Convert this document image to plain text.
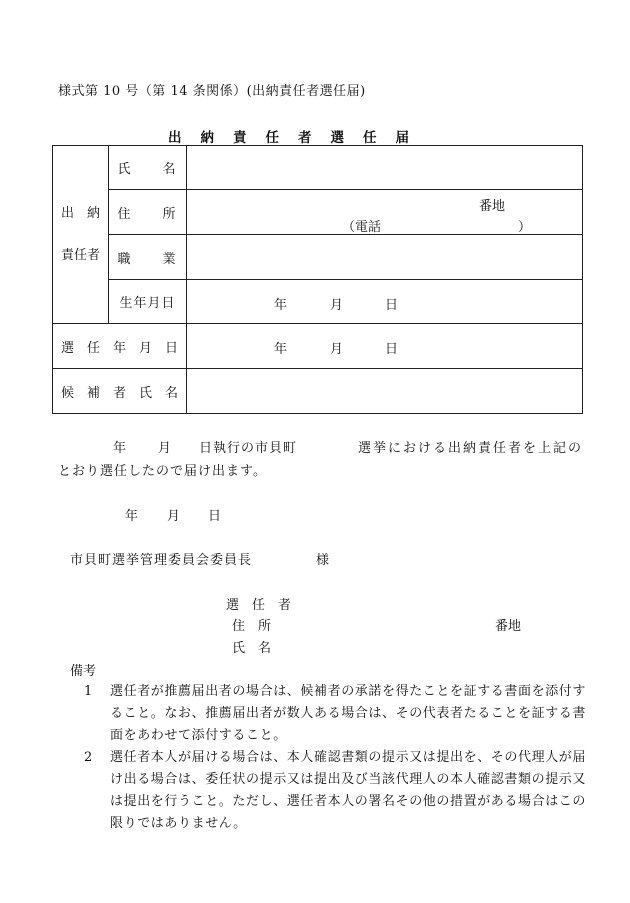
様式第 10 号（第 14 条関係）(出納責任者選任届)
出納責任者選任届
出　納
責任者	氏　　名	
	住　　所	番地
（電話 ）

	職　　業	
	生年月日	年 月 日

選　任　年　月　日		年 月 日

候　補　者　氏　名		
年 月 日執行の市貝町	選挙における出納責任者を上記の
とおり選任したので届け出ます。
年 月 日
市貝町選挙管理委員会委員長	様
選　任　者
住　所	番地
氏　名
備考
1	選任者が推薦届出者の場合は、候補者の承諾を得たことを証する書面を添付すること。なお、推薦届出者が数人ある場合は、その代表者たることを証する書面をあわせて添付すること。
2	選任者本人が届ける場合は、本人確認書類の提示又は提出を、その代理人が届け出る場合は、委任状の提示又は提出及び当該代理人の本人確認書類の提示又は提出を行うこと。ただし、選任者本人の署名その他の措置がある場合はこの限りではありません。
